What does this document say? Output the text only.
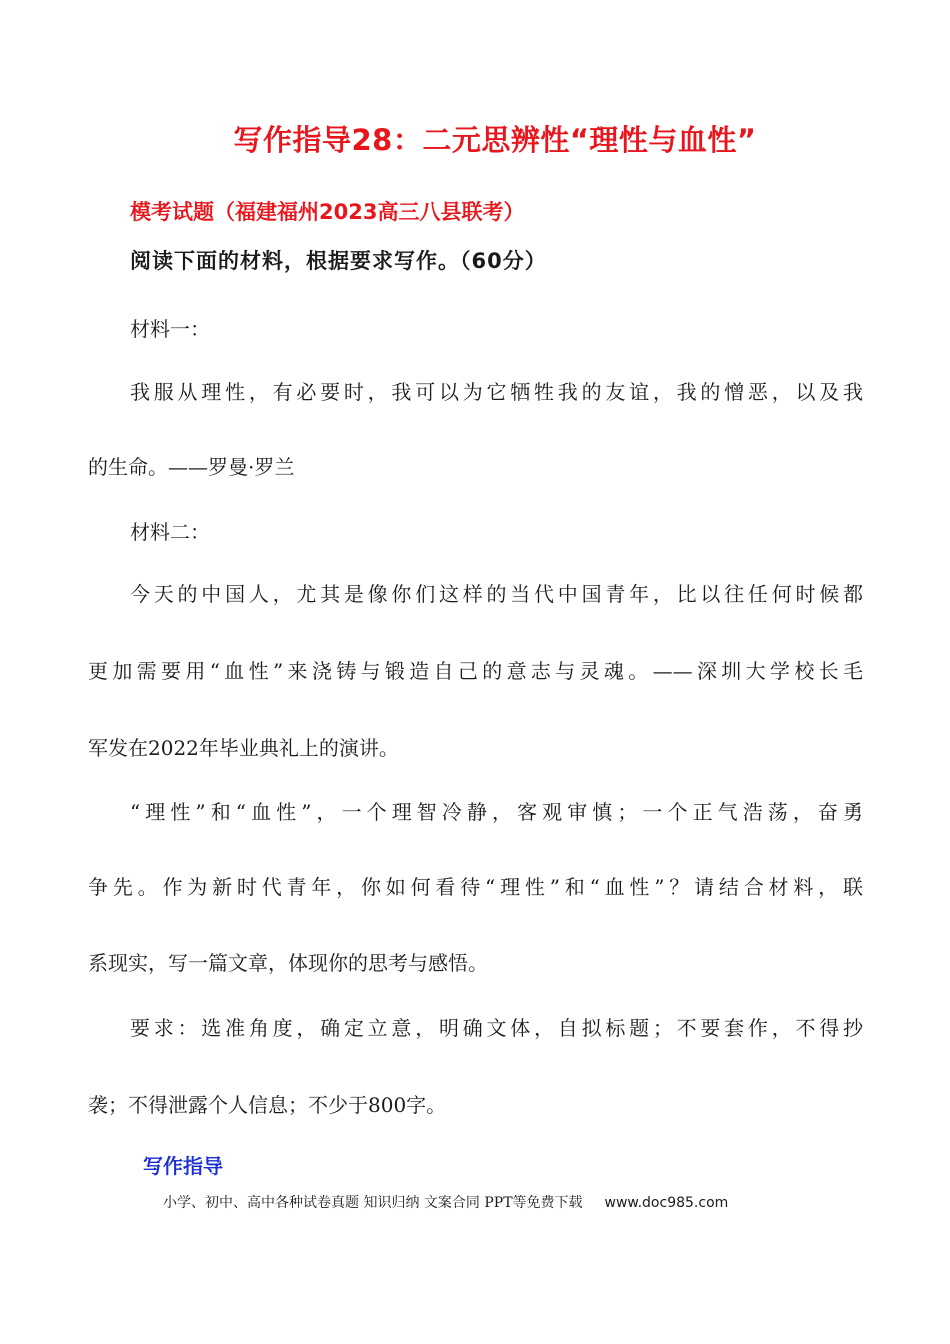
写作指导28：二元思辨性“理性与血性”
模考试题（福建福州2023高三八县联考）
阅读下面的材料，根据要求写作。（60分）
材料一：
我服从理性，有必要时，我可以为它牺牲我的友谊，我的憎恶，以及我
的生命。——罗曼·罗兰
材料二：
今天的中国人，尤其是像你们这样的当代中国青年，比以往任何时候都
更加需要用“血性”来浇铸与锻造自己的意志与灵魂。——深圳大学校长毛
军发在2022年毕业典礼上的演讲。
“理性”和“血性”，一个理智冷静，客观审慎；一个正气浩荡，奋勇
争先。作为新时代青年，你如何看待“理性”和“血性”？请结合材料，联
系现实，写一篇文章，体现你的思考与感悟。
要求：选准角度，确定立意，明确文体，自拟标题；不要套作，不得抄
袭；不得泄露个人信息；不少于800字。
写作指导
小学、初中、高中各种试卷真题 知识归纳 文案合同 PPT等免费下载 www.doc985.com
